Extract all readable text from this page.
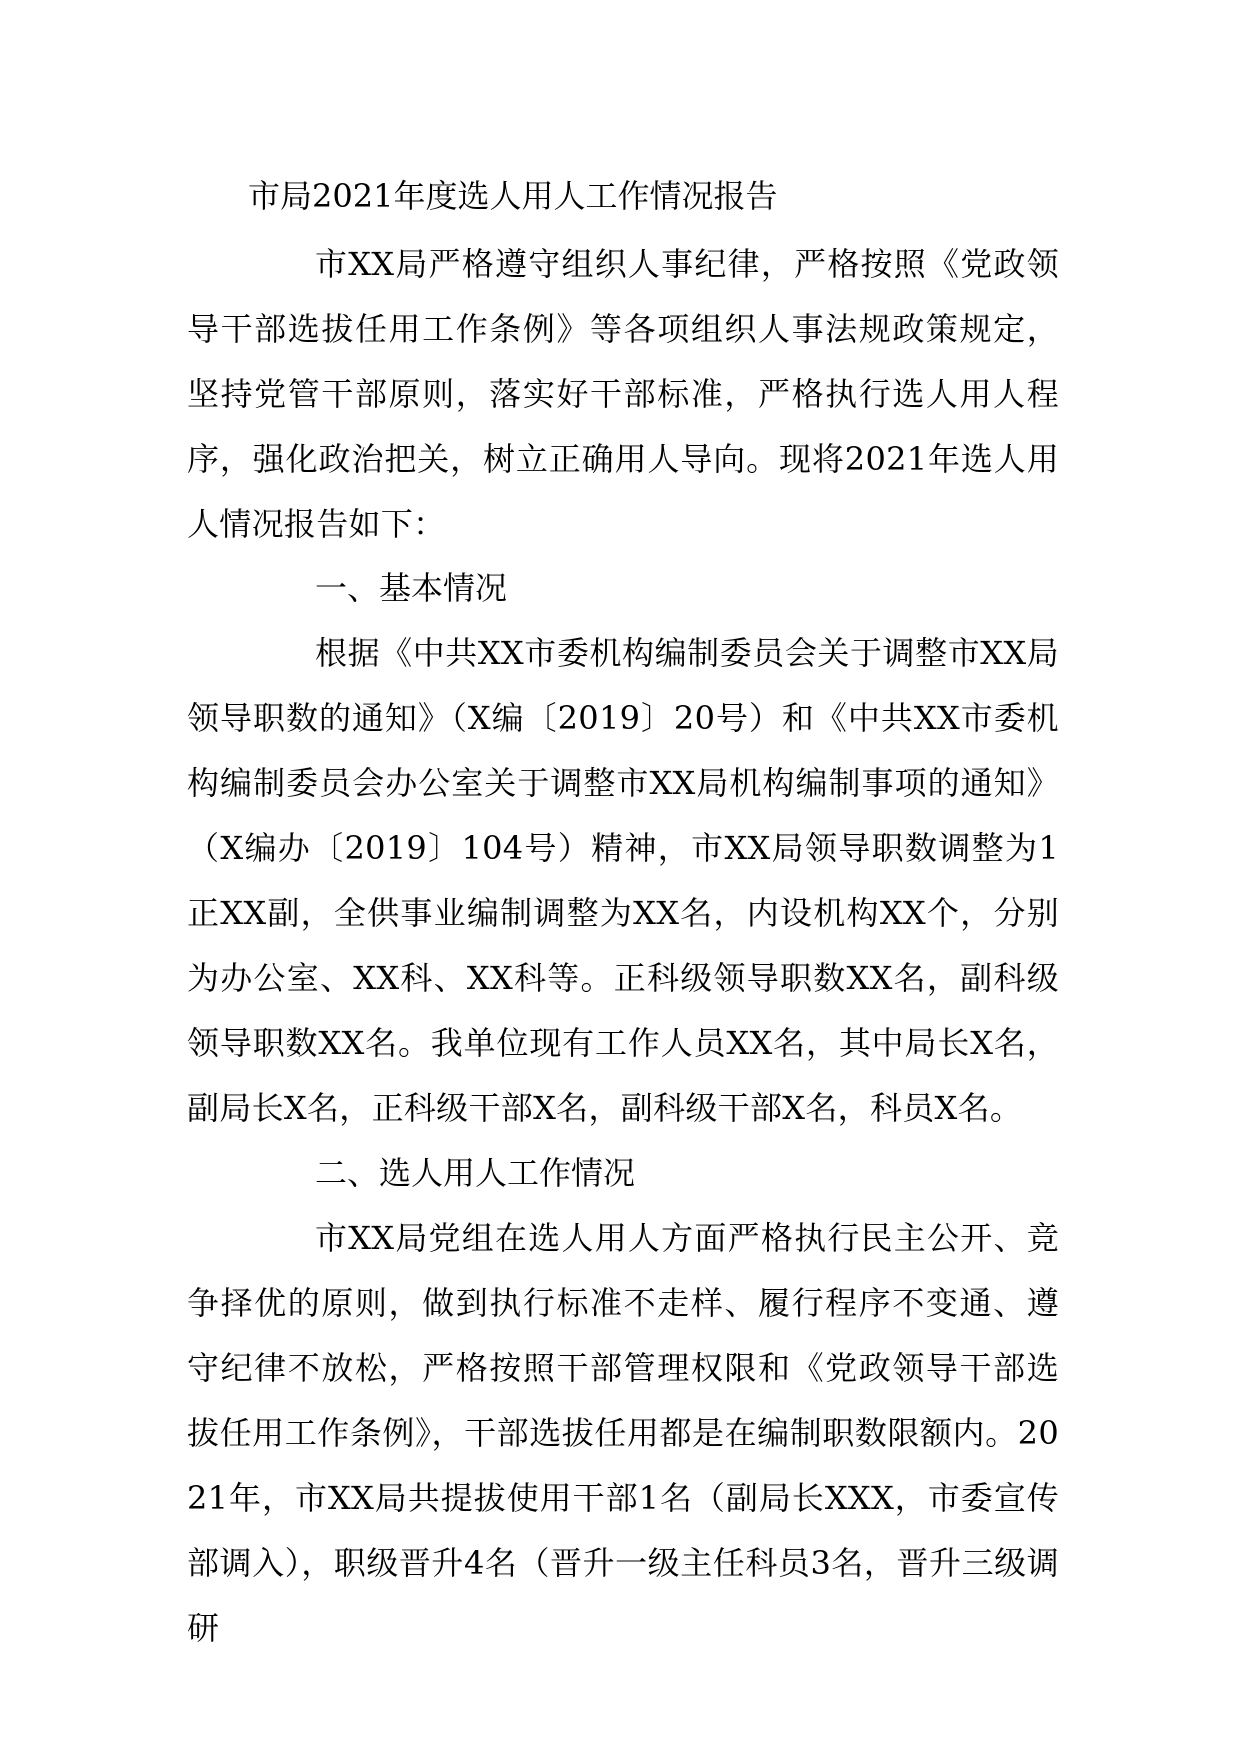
市局2021年度选人用人工作情况报告

市XX局严格遵守组织人事纪律，严格按照《党政领导干部选拔任用工作条例》等各项组织人事法规政策规定，坚持党管干部原则，落实好干部标准，严格执行选人用人程序，强化政治把关，树立正确用人导向。现将2021年选人用人情况报告如下：

一、基本情况

根据《中共XX市委机构编制委员会关于调整市XX局领导职数的通知》（X编〔2019〕20号）和《中共XX市委机构编制委员会办公室关于调整市XX局机构编制事项的通知》（X编办〔2019〕104号）精神，市XX局领导职数调整为1正XX副，全供事业编制调整为XX名，内设机构XX个，分别为办公室、XX科、XX科等。正科级领导职数XX名，副科级领导职数XX名。我单位现有工作人员XX名，其中局长X名，副局长X名，正科级干部X名，副科级干部X名，科员X名。

二、选人用人工作情况

市XX局党组在选人用人方面严格执行民主公开、竞争择优的原则，做到执行标准不走样、履行程序不变通、遵守纪律不放松，严格按照干部管理权限和《党政领导干部选拔任用工作条例》，干部选拔任用都是在编制职数限额内。2021年，市XX局共提拔使用干部1名（副局长XXX，市委宣传部调入），职级晋升4名（晋升一级主任科员3名，晋升三级调研
